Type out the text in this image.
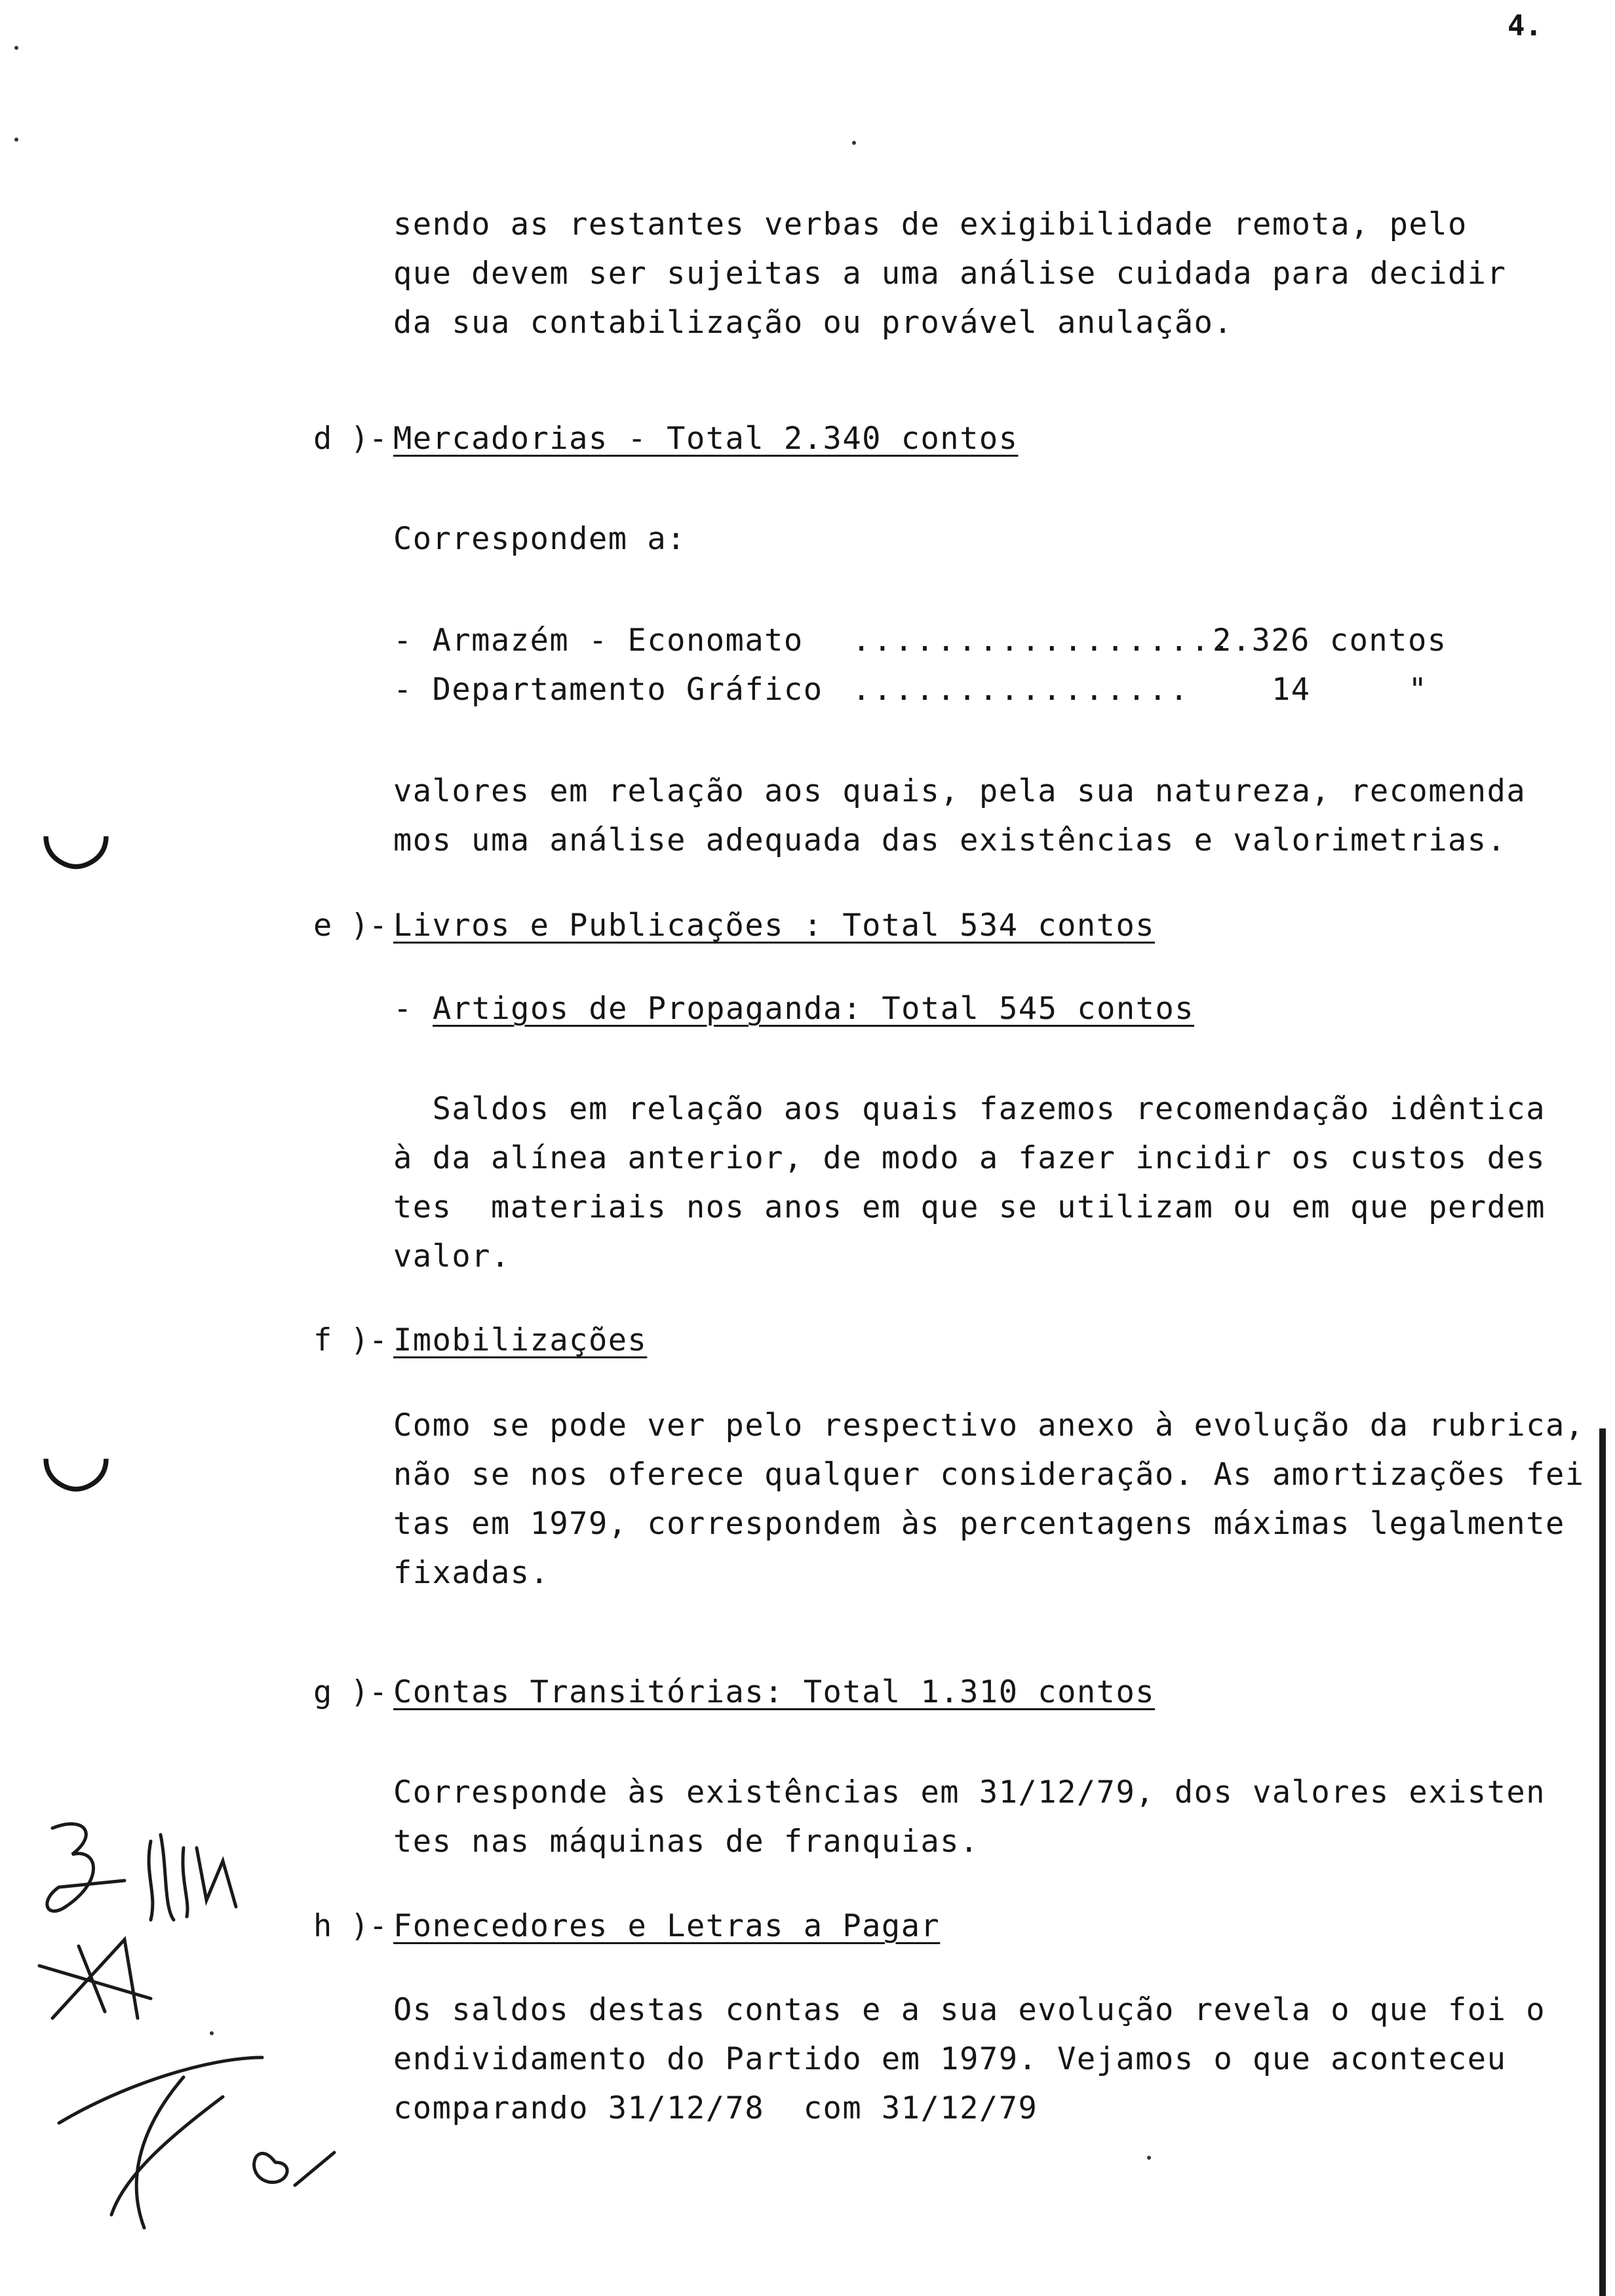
4.
sendo as restantes verbas de exigibilidade remota, pelo
que devem ser sujeitas a uma análise cuidada para decidir
da sua contabilização ou provável anulação.
d )- Mercadorias - Total 2.340 contos
Correspondem a:
- Armazém - Economato ..................
2.326 contos
- Departamento Gráfico ................	14     "
valores em relação aos quais, pela sua natureza, recomenda
mos uma análise adequada das existências e valorimetrias.
e )- Livros e Publicações : Total 534 contos
- Artigos de Propaganda: Total 545 contos
Saldos em relação aos quais fazemos recomendação idêntica
à da alínea anterior, de modo a fazer incidir os custos des
tes  materiais nos anos em que se utilizam ou em que perdem
valor.
f )- Imobilizações
Como se pode ver pelo respectivo anexo à evolução da rubrica,
não se nos oferece qualquer consideração. As amortizações fei
tas em 1979, correspondem às percentagens máximas legalmente
fixadas.
g )- Contas Transitórias: Total 1.310 contos
Corresponde às existências em 31/12/79, dos valores existen
tes nas máquinas de franquias.
h )- Fonecedores e Letras a Pagar
Os saldos destas contas e a sua evolução revela o que foi o
endividamento do Partido em 1979. Vejamos o que aconteceu
comparando 31/12/78  com 31/12/79
◡
◡
